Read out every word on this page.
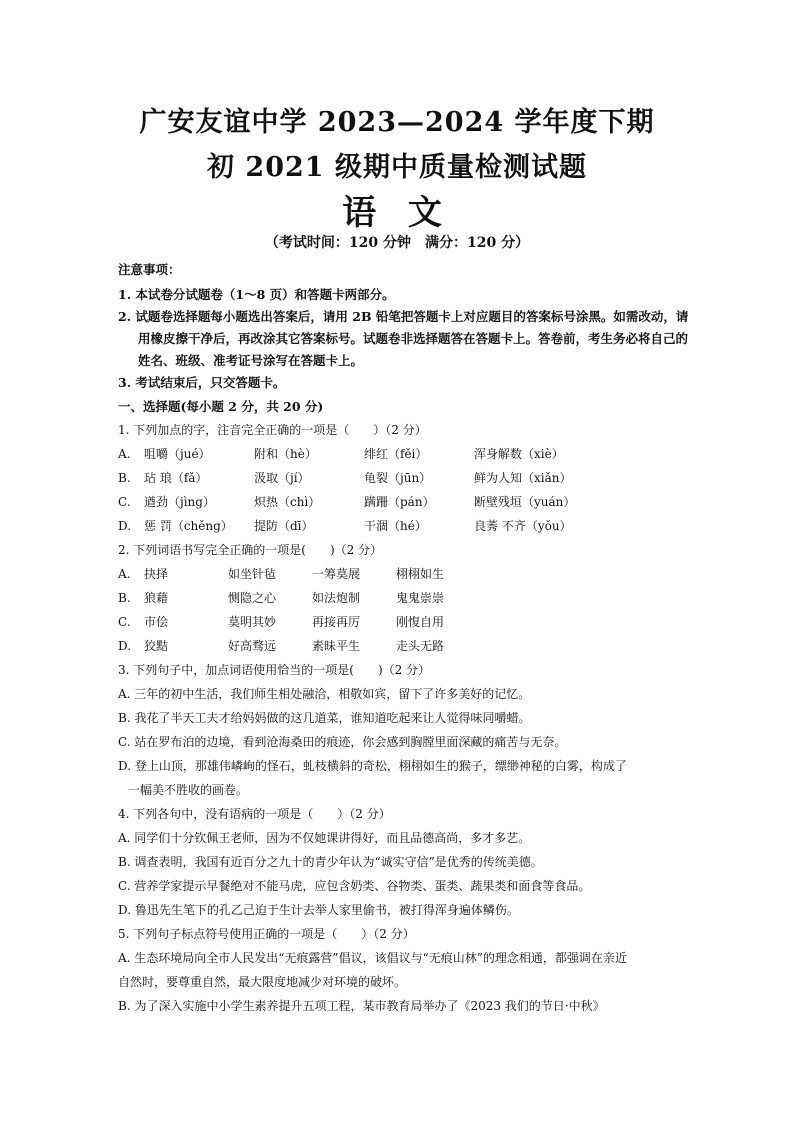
广安友谊中学 2023—2024 学年度下期
初 2021 级期中质量检测试题
语 文
（考试时间：120 分钟　满分：120 分）
注意事项：
1. 本试卷分试题卷（1～8 页）和答题卡两部分。
2. 试题卷选择题每小题选出答案后，请用 2B 铅笔把答题卡上对应题目的答案标号涂黑。如需改动，请用橡皮擦干净后，再改涂其它答案标号。试题卷非选择题答在答题卡上。答卷前，考生务必将自己的姓名、班级、准考证号涂写在答题卡上。
3. 考试结束后，只交答题卡。
一、选择题(每小题 2 分，共 20 分)
1. 下列加点的字，注音完全正确的一项是（　　）（2 分）
A.	咀嚼（jué）	附和（hè）	绯红（fěi）	浑身解数（xiè）
B.	玷 琅（fǎ）	汲取（jí）	龟裂（jūn）	鲜为人知（xiǎn）
C.	遒劲（jìng）	炽热（chì）	蹒跚（pán）	断壁残垣（yuán）
D.	惩 罚（chěng）	提防（dī）	干涸（hé）	良莠 不齐（yǒu）
2. 下列词语书写完全正确的一项是(　　)（2 分）
A.	抉择	如坐针毡	一筹莫展	栩栩如生
B.	狼藉	恻隐之心	如法炮制	鬼鬼崇崇
C.	市侩	莫明其妙	再接再厉	刚愎自用
D.	狡黠	好高骛远	素昧平生	走头无路
3. 下列句子中，加点词语使用恰当的一项是(　　)（2 分）
A. 三年的初中生活，我们师生相处融洽，相敬如宾，留下了许多美好的记忆。
B. 我花了半天工夫才给妈妈做的这几道菜，谁知道吃起来让人觉得味同嚼蜡。
C. 站在罗布泊的边境，看到沧海桑田的痕迹，你会感到胸膛里面深藏的痛苦与无奈。
D. 登上山顶，那雄伟嶙峋的怪石，虬枝横斜的奇松，栩栩如生的猴子，缥缈神秘的白雾，构成了
一幅美不胜收的画卷。
4. 下列各句中，没有语病的一项是（　　）（2 分）
A. 同学们十分钦佩王老师，因为不仅她课讲得好，而且品德高尚，多才多艺。
B. 调查表明，我国有近百分之九十的青少年认为“诚实守信”是优秀的传统美德。
C. 营养学家提示早餐绝对不能马虎，应包含奶类、谷物类、蛋类、蔬果类和面食等食品。
D. 鲁迅先生笔下的孔乙己迫于生计去举人家里偷书，被打得浑身遍体鳞伤。
5. 下列句子标点符号使用正确的一项是（　　）（2 分）
A. 生态环境局向全市人民发出“无痕露营”倡议，该倡议与“无痕山林”的理念相通，都强调在亲近
自然时，要尊重自然，最大限度地减少对环境的破坏。
B. 为了深入实施中小学生素养提升五项工程，某市教育局举办了《2023 我们的节日·中秋》
